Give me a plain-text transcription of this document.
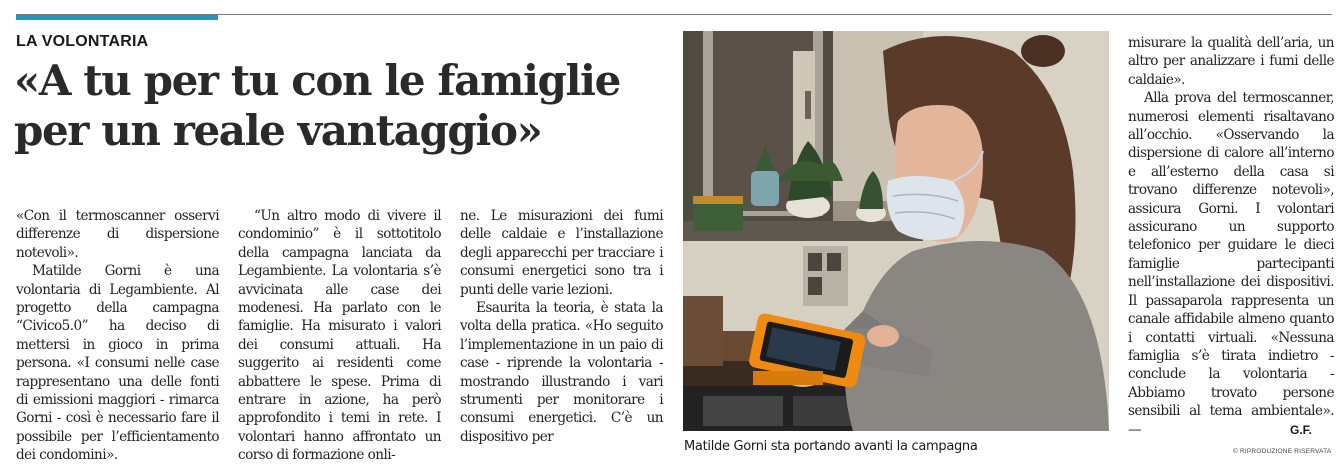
LA VOLONTARIA
«A tu per tu con le famiglie
per un reale vantaggio»

«Con il termoscanner osservi differenze di dispersione notevoli».

Matilde Gorni è una volontaria di Legambiente. Al progetto della campagna “Civico5.0” ha deciso di mettersi in gioco in prima persona. «I consumi nelle case rappresentano una delle fonti di emissioni maggiori - rimarca Gorni - così è necessario fare il possibile per l’efficientamento dei condomini».

“Un altro modo di vivere il condominio” è il sottotitolo della campagna lanciata da Legambiente. La volontaria s’è avvicinata alle case dei modenesi. Ha parlato con le famiglie. Ha misurato i valori dei consumi attuali. Ha suggerito ai residenti come abbattere le spese. Prima di entrare in azione, ha però approfondito i temi in rete. I volontari hanno affrontato un corso di formazione onli-

ne. Le misurazioni dei fumi delle caldaie e l’installazione degli apparecchi per tracciare i consumi energetici sono tra i punti delle varie lezioni.

Esaurita la teoria, è stata la volta della pratica. «Ho seguito l’implementazione in un paio di case - riprende la volontaria - mostrando illustrando i vari strumenti per monitorare i consumi energetici. C’è un dispositivo per

misurare la qualità dell’aria, un altro per analizzare i fumi delle caldaie».

Alla prova del termoscanner, numerosi elementi risaltavano all’occhio. «Osservando la dispersione di calore all’interno e all’esterno della casa si trovano differenze notevoli», assicura Gorni. I volontari assicurano un supporto telefonico per guidare le dieci famiglie partecipanti nell’installazione dei dispositivi. Il passaparola rappresenta un canale affidabile almeno quanto i contatti virtuali. «Nessuna famiglia s’è tirata indietro - conclude la volontaria - Abbiamo trovato persone sensibili al tema ambientale». —

Matilde Gorni sta portando avanti la campagna
G.F.
© RIPRODUZIONE RISERVATA
